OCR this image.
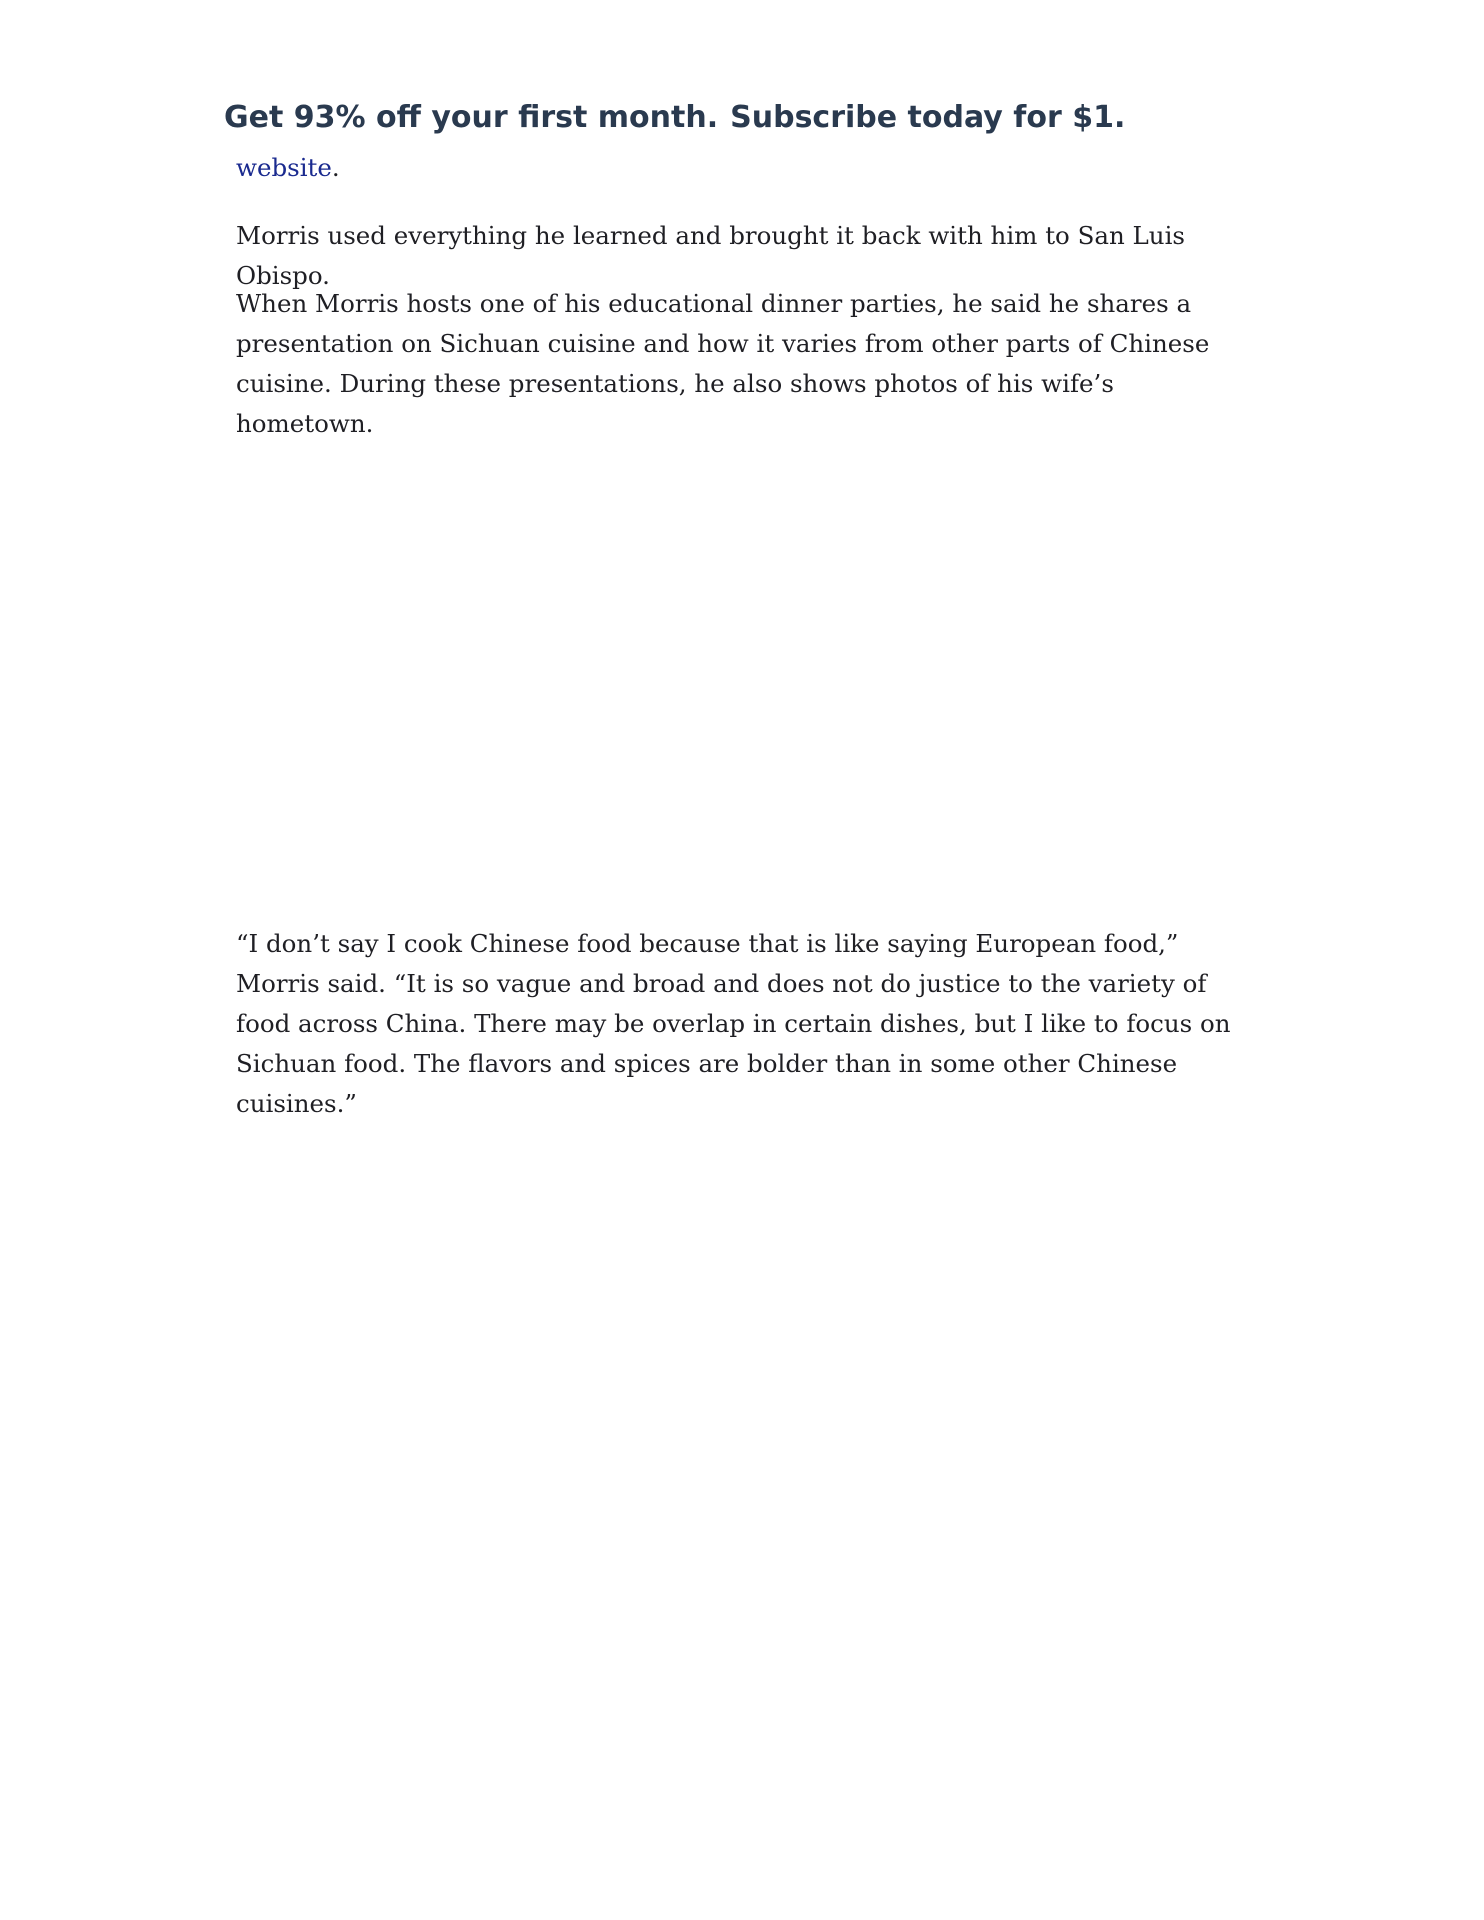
Get 93% off your first month. Subscribe today for $1.

website.

Morris used everything he learned and brought it back with him to San Luis Obispo.

When Morris hosts one of his educational dinner parties, he said he shares a presentation on Sichuan cuisine and how it varies from other parts of Chinese cuisine. During these presentations, he also shows photos of his wife’s hometown.

“I don’t say I cook Chinese food because that is like saying European food,” Morris said. “It is so vague and broad and does not do justice to the variety of food across China. There may be overlap in certain dishes, but I like to focus on Sichuan food. The flavors and spices are bolder than in some other Chinese cuisines.”
